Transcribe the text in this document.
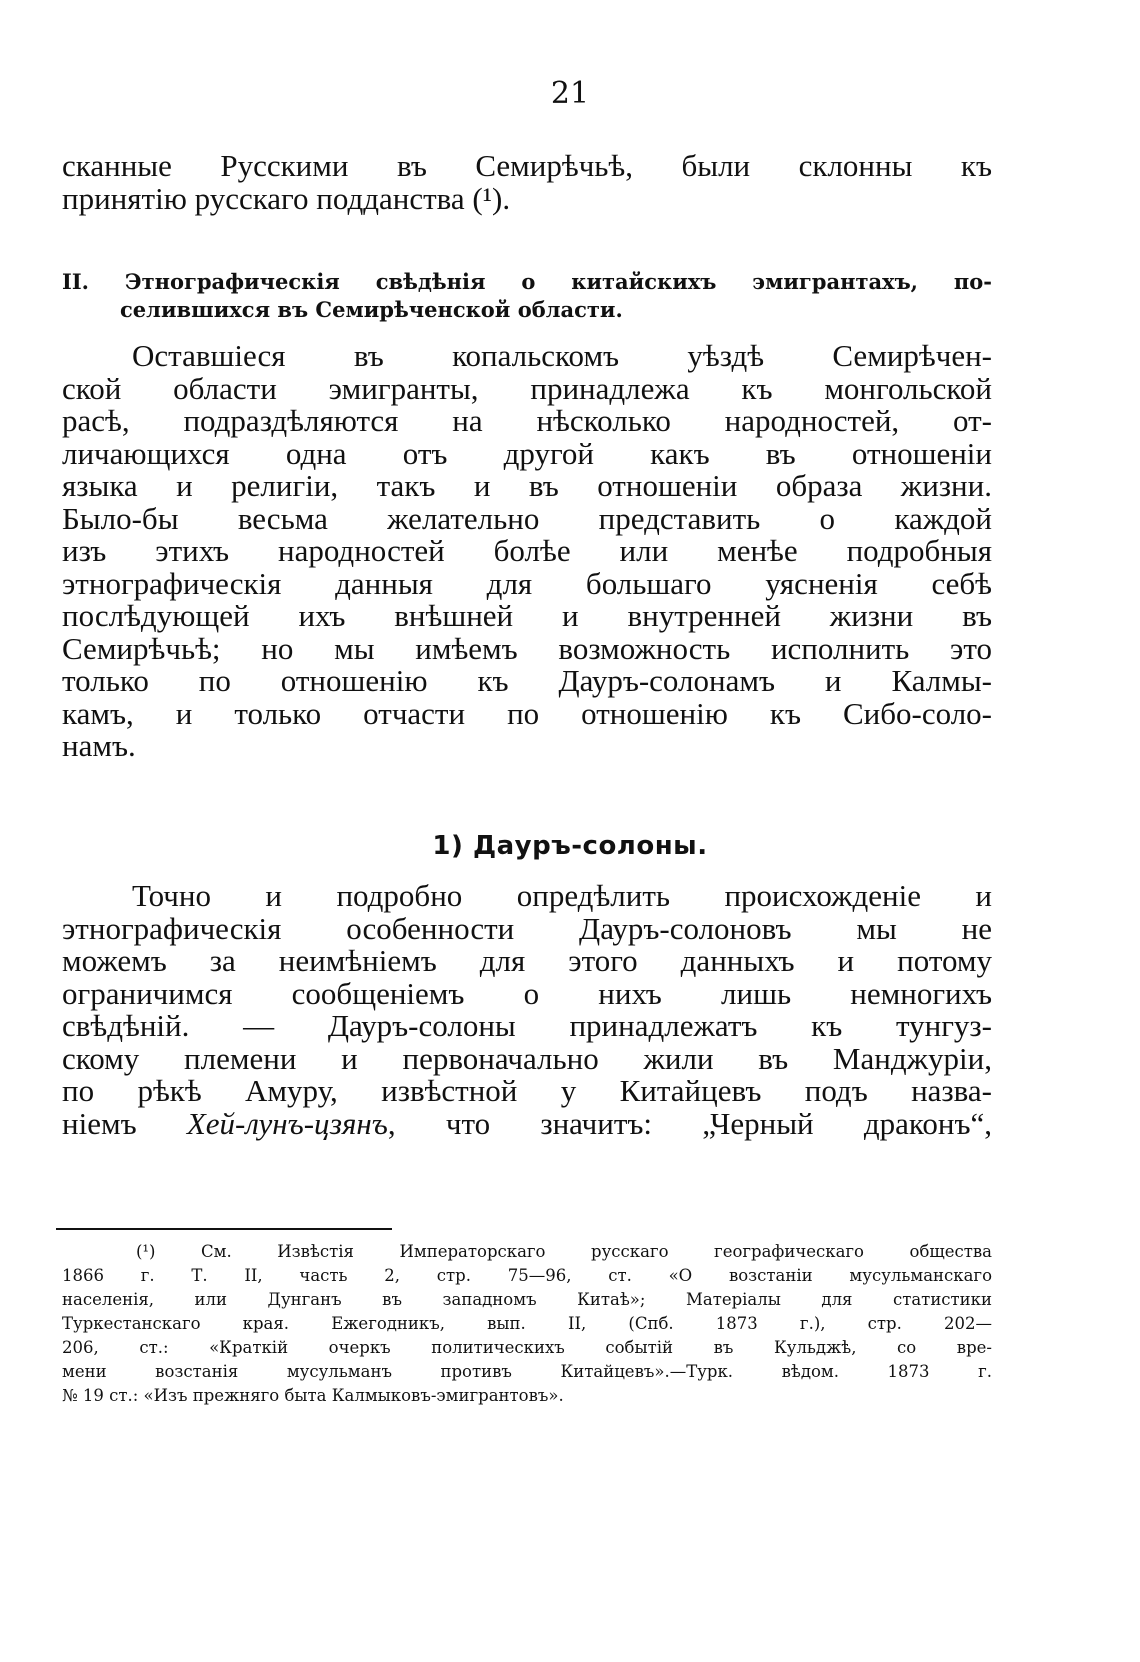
21
сканные Русскими въ Семирѣчьѣ, были склонны къ
принятію русскаго подданства (¹).
II. Этнографическія свѣдѣнія о китайскихъ эмигрантахъ, по-
селившихся въ Семирѣченской области.
Оставшіеся въ копальскомъ уѣздѣ Семирѣчен-
ской области эмигранты, принадлежа къ монгольской
расѣ, подраздѣляются на нѣсколько народностей, от-
личающихся одна отъ другой какъ въ отношеніи
языка и религіи, такъ и въ отношеніи образа жизни.
Было-бы весьма желательно представить о каждой
изъ этихъ народностей болѣе или менѣе подробныя
этнографическія данныя для большаго уясненія себѣ
послѣдующей ихъ внѣшней и внутренней жизни въ
Семирѣчьѣ; но мы имѣемъ возможность исполнить это
только по отношенію къ Дауръ-солонамъ и Калмы-
камъ, и только отчасти по отношенію къ Сибо-соло-
намъ.
1) Дауръ-солоны.
Точно и подробно опредѣлить происхожденіе и
этнографическія особенности Дауръ-солоновъ мы не
можемъ за неимѣніемъ для этого данныхъ и потому
ограничимся сообщеніемъ о нихъ лишь немногихъ
свѣдѣній. — Дауръ-солоны принадлежатъ къ тунгуз-
скому племени и первоначально жили въ Манджуріи,
по рѣкѣ Амуру, извѣстной у Китайцевъ подъ назва-
ніемъ Хей-лунъ-цзянъ, что значитъ: „Черный драконъ“,
(¹) См. Извѣстія Императорскаго русскаго географическаго общества
1866 г. Т. II, часть 2, стр. 75—96, ст. «О возстаніи мусульманскаго
населенія, или Дунганъ въ западномъ Китаѣ»; Матеріалы для статистики
Туркестанскаго края. Ежегодникъ, вып. II, (Спб. 1873 г.), стр. 202—
206, ст.: «Краткій очеркъ политическихъ событій въ Кульджѣ, со вре-
мени возстанія мусульманъ противъ Китайцевъ».—Турк. вѣдом. 1873 г.
№ 19 ст.: «Изъ прежняго быта Калмыковъ-эмигрантовъ».
